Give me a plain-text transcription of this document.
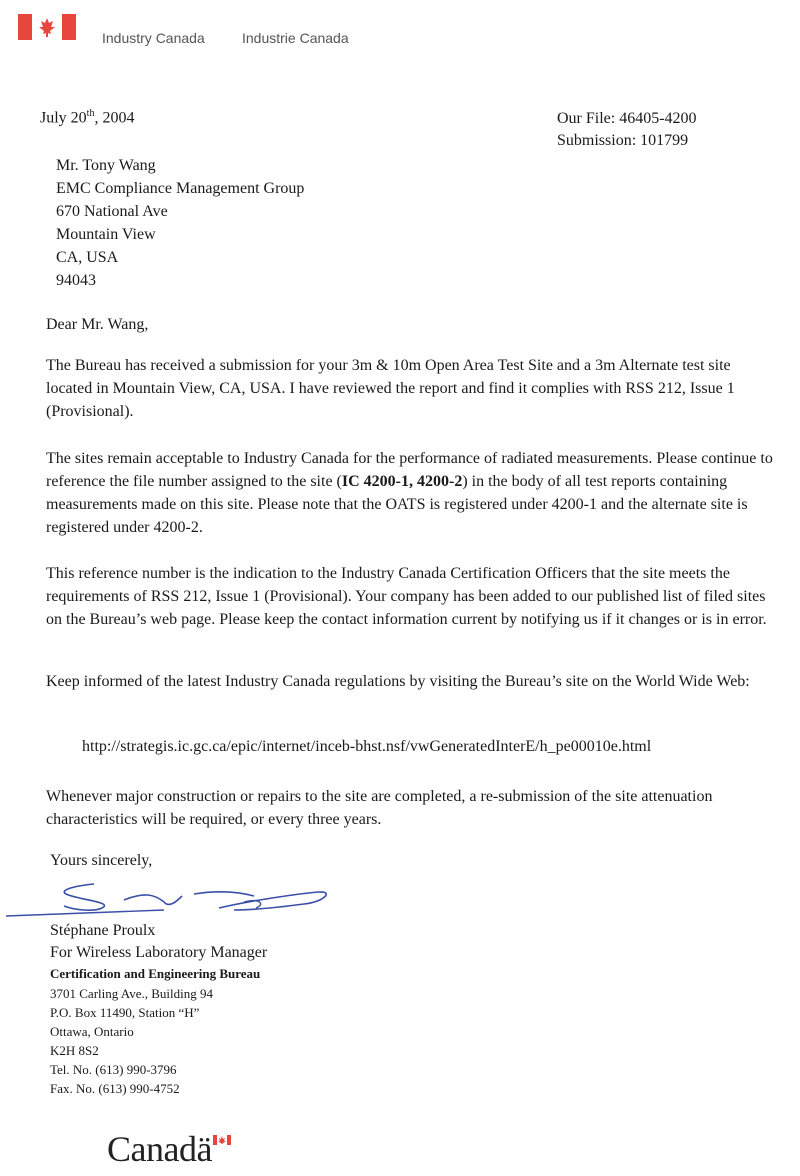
Industry Canada	Industrie Canada
July 20th, 2004	Our File: 46405-4200
Submission: 101799
Mr. Tony Wang
EMC Compliance Management Group
670 National Ave
Mountain View
CA, USA
94043
Dear Mr. Wang,

The Bureau has received a submission for your 3m & 10m Open Area Test Site and a 3m Alternate test site located in Mountain View, CA, USA. I have reviewed the report and find it complies with RSS 212, Issue 1 (Provisional).

The sites remain acceptable to Industry Canada for the performance of radiated measurements. Please continue to reference the file number assigned to the site (IC 4200-1, 4200-2) in the body of all test reports containing measurements made on this site. Please note that the OATS is registered under 4200-1 and the alternate site is registered under 4200-2.

This reference number is the indication to the Industry Canada Certification Officers that the site meets the requirements of RSS 212, Issue 1 (Provisional). Your company has been added to our published list of filed sites on the Bureau’s web page. Please keep the contact information current by notifying us if it changes or is in error.

Keep informed of the latest Industry Canada regulations by visiting the Bureau’s site on the World Wide Web:

http://strategis.ic.gc.ca/epic/internet/inceb-bhst.nsf/vwGeneratedInterE/h_pe00010e.html

Whenever major construction or repairs to the site are completed, a re-submission of the site attenuation characteristics will be required, or every three years.

Yours sincerely,
Stéphane Proulx
For Wireless Laboratory Manager
Certification and Engineering Bureau
3701 Carling Ave., Building 94
P.O. Box 11490, Station “H”
Ottawa, Ontario
K2H 8S2
Tel. No. (613) 990-3796
Fax. No. (613) 990-4752
Canadä
